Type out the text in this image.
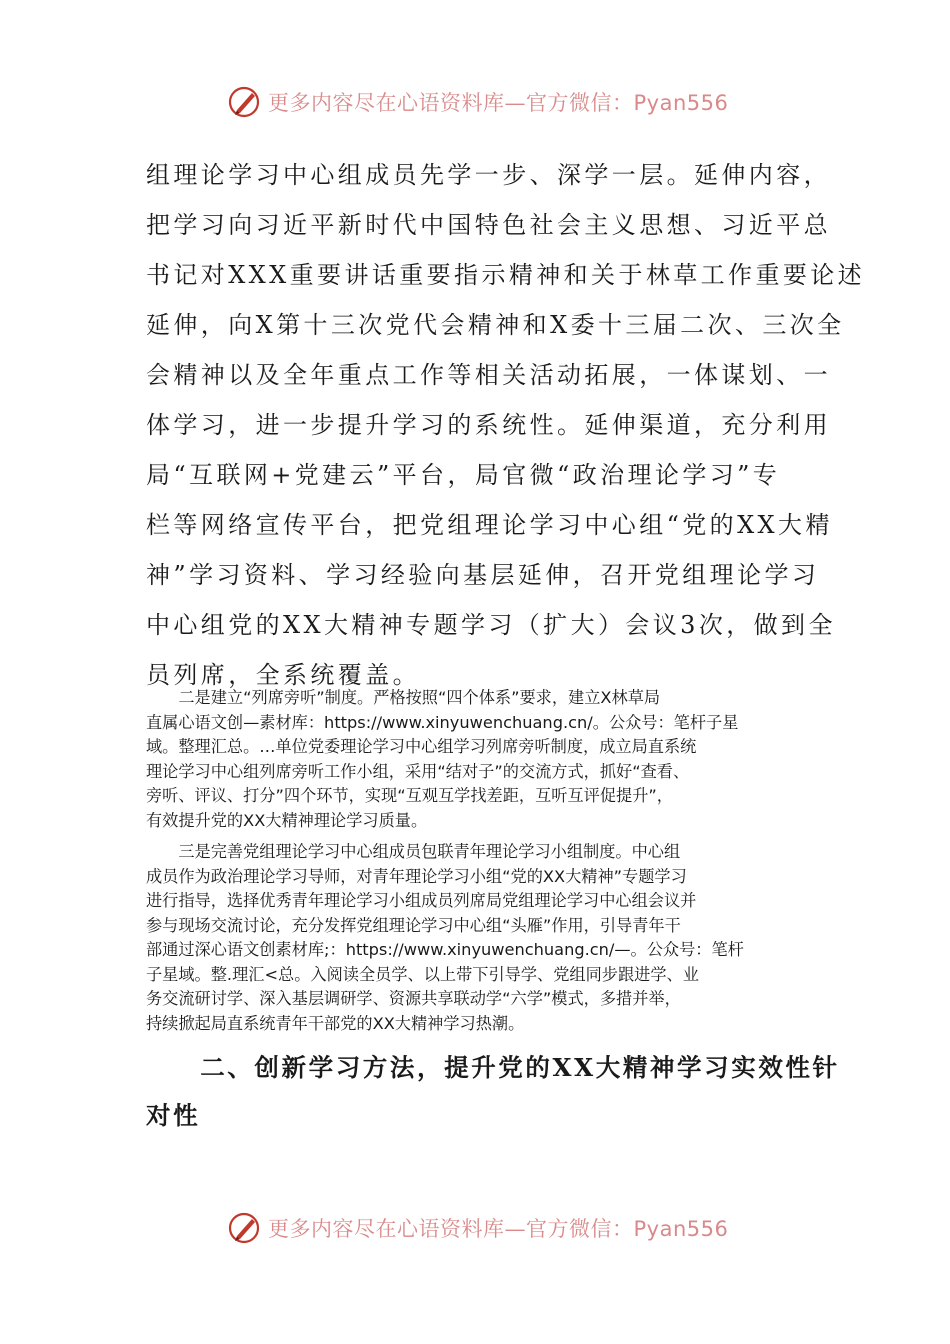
更多内容尽在心语资料库—官方微信：Pyan556
组理论学习中心组成员先学一步、深学一层。延伸内容，
把学习向习近平新时代中国特色社会主义思想、习近平总
书记对XXX重要讲话重要指示精神和关于林草工作重要论述
延伸，向X第十三次党代会精神和X委十三届二次、三次全
会精神以及全年重点工作等相关活动拓展，一体谋划、一
体学习，进一步提升学习的系统性。延伸渠道，充分利用
局“互联网+党建云”平台，局官微“政治理论学习”专
栏等网络宣传平台，把党组理论学习中心组“党的XX大精
神”学习资料、学习经验向基层延伸，召开党组理论学习
中心组党的XX大精神专题学习（扩大）会议3次，做到全
员列席，全系统覆盖。
　　二是建立“列席旁听”制度。严格按照“四个体系”要求，建立X林草局
直属心语文创—素材库：https://www.xinyuwenchuang.cn/。公众号：笔杆子星
域。整理汇总。…单位党委理论学习中心组学习列席旁听制度，成立局直系统
理论学习中心组列席旁听工作小组，采用“结对子”的交流方式，抓好“查看、
旁听、评议、打分”四个环节，实现“互观互学找差距，互听互评促提升”，
有效提升党的XX大精神理论学习质量。
　　三是完善党组理论学习中心组成员包联青年理论学习小组制度。中心组
成员作为政治理论学习导师，对青年理论学习小组“党的XX大精神”专题学习
进行指导，选择优秀青年理论学习小组成员列席局党组理论学习中心组会议并
参与现场交流讨论，充分发挥党组理论学习中心组“头雁”作用，引导青年干
部通过深心语文创素材库;：https://www.xinyuwenchuang.cn/—。公众号：笔杆
子星域。整.理汇<总。入阅读全员学、以上带下引导学、党组同步跟进学、业
务交流研讨学、深入基层调研学、资源共享联动学“六学”模式，多措并举，
持续掀起局直系统青年干部党的XX大精神学习热潮。
　　二、创新学习方法，提升党的XX大精神学习实效性针
对性
更多内容尽在心语资料库—官方微信：Pyan556
